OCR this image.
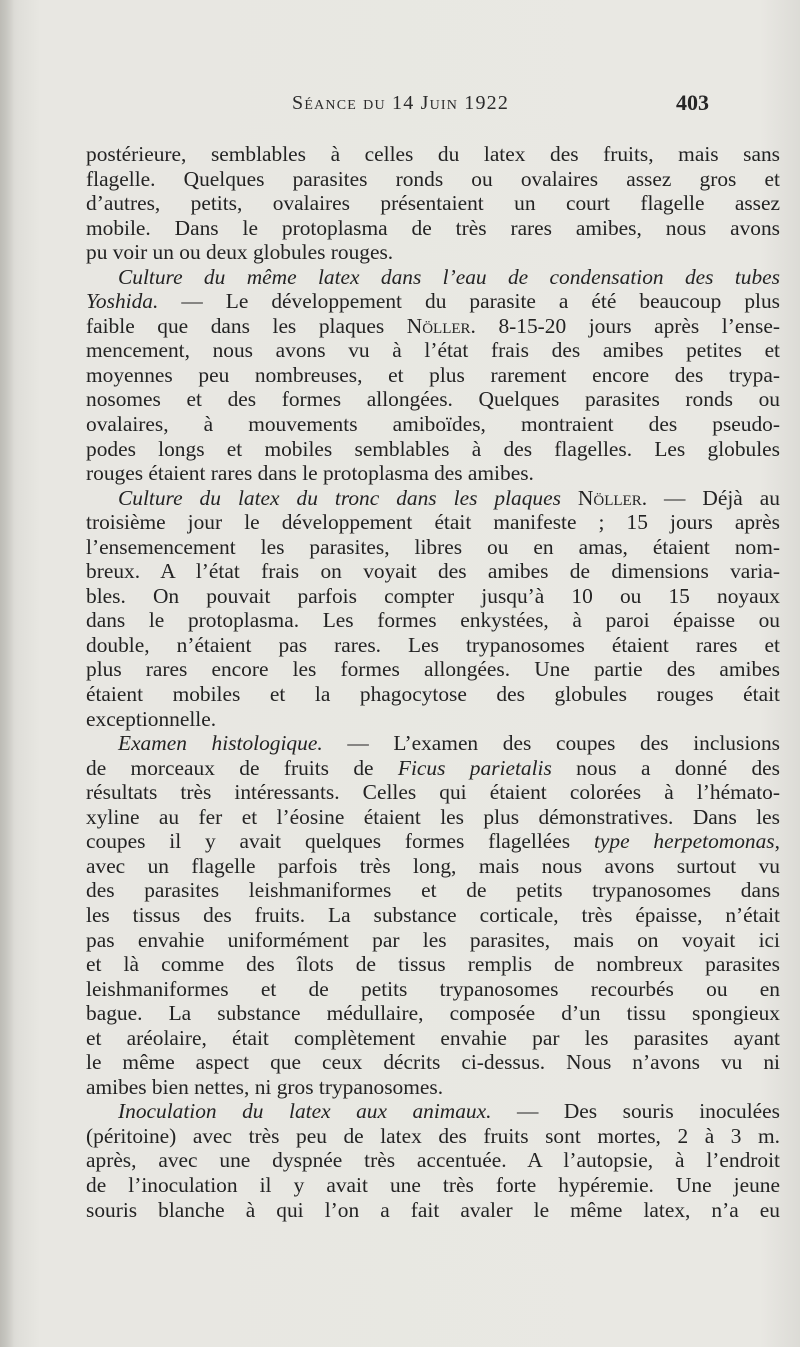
Séance du 14 Juin 1922	403
postérieure, semblables à celles du latex des fruits, mais sans
flagelle. Quelques parasites ronds ou ovalaires assez gros et
d’autres, petits, ovalaires présentaient un court flagelle assez
mobile. Dans le protoplasma de très rares amibes, nous avons
pu voir un ou deux globules rouges.
Culture du même latex dans l’eau de condensation des tubes
Yoshida. — Le développement du parasite a été beaucoup plus
faible que dans les plaques Nöller. 8-15-20 jours après l’ense-
mencement, nous avons vu à l’état frais des amibes petites et
moyennes peu nombreuses, et plus rarement encore des trypa-
nosomes et des formes allongées. Quelques parasites ronds ou
ovalaires, à mouvements amiboïdes, montraient des pseudo-
podes longs et mobiles semblables à des flagelles. Les globules
rouges étaient rares dans le protoplasma des amibes.
Culture du latex du tronc dans les plaques Nöller. — Déjà au
troisième jour le développement était manifeste ; 15 jours après
l’ensemencement les parasites, libres ou en amas, étaient nom-
breux. A l’état frais on voyait des amibes de dimensions varia-
bles. On pouvait parfois compter jusqu’à 10 ou 15 noyaux
dans le protoplasma. Les formes enkystées, à paroi épaisse ou
double, n’étaient pas rares. Les trypanosomes étaient rares et
plus rares encore les formes allongées. Une partie des amibes
étaient mobiles et la phagocytose des globules rouges était
exceptionnelle.
Examen histologique. — L’examen des coupes des inclusions
de morceaux de fruits de Ficus parietalis nous a donné des
résultats très intéressants. Celles qui étaient colorées à l’hémato-
xyline au fer et l’éosine étaient les plus démonstratives. Dans les
coupes il y avait quelques formes flagellées type herpetomonas,
avec un flagelle parfois très long, mais nous avons surtout vu
des parasites leishmaniformes et de petits trypanosomes dans
les tissus des fruits. La substance corticale, très épaisse, n’était
pas envahie uniformément par les parasites, mais on voyait ici
et là comme des îlots de tissus remplis de nombreux parasites
leishmaniformes et de petits trypanosomes recourbés ou en
bague. La substance médullaire, composée d’un tissu spongieux
et aréolaire, était complètement envahie par les parasites ayant
le même aspect que ceux décrits ci-dessus. Nous n’avons vu ni
amibes bien nettes, ni gros trypanosomes.
Inoculation du latex aux animaux. — Des souris inoculées
(péritoine) avec très peu de latex des fruits sont mortes, 2 à 3 m.
après, avec une dyspnée très accentuée. A l’autopsie, à l’endroit
de l’inoculation il y avait une très forte hypéremie. Une jeune
souris blanche à qui l’on a fait avaler le même latex, n’a eu
